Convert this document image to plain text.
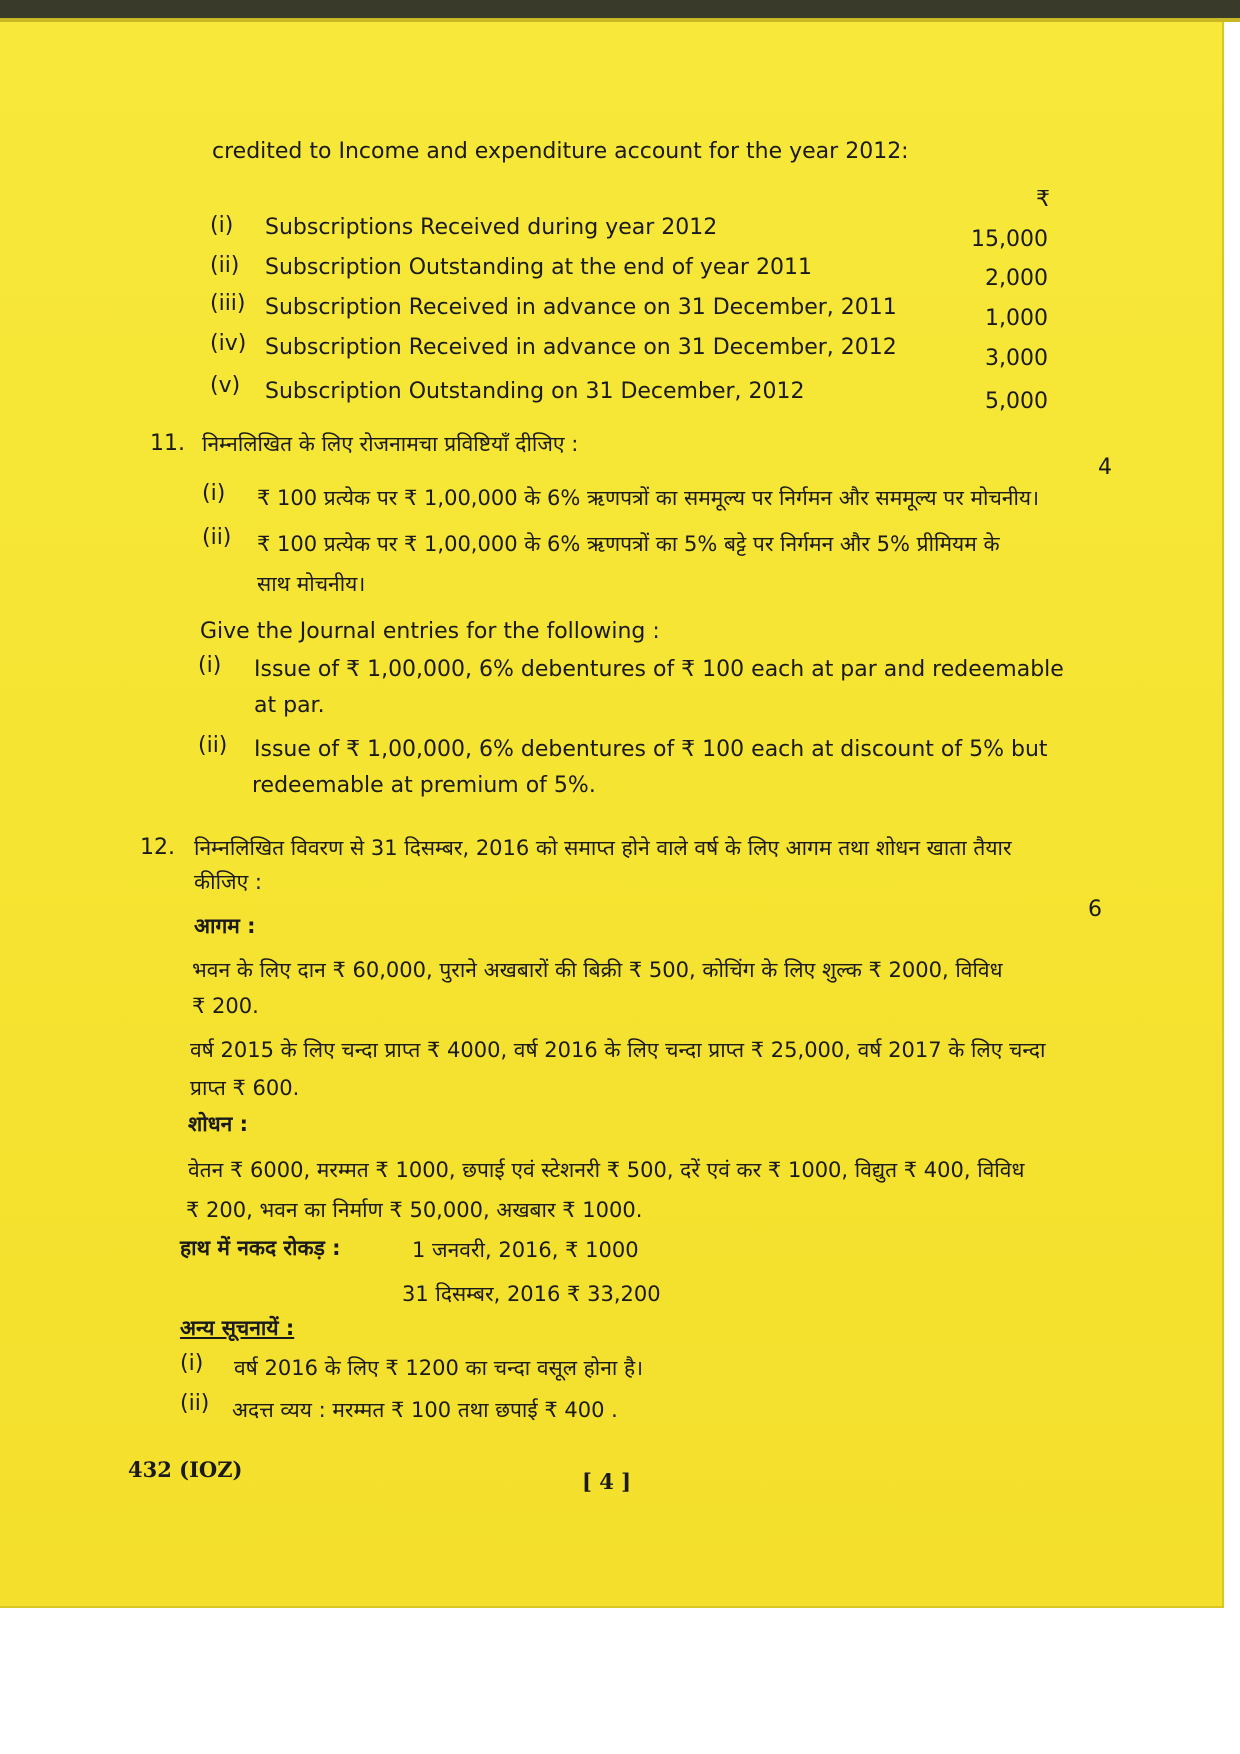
credited to Income and expenditure account for the year 2012:
₹
(i) Subscriptions Received during year 2012	15,000
(ii) Subscription Outstanding at the end of year 2011	2,000
(iii) Subscription Received in advance on 31 December, 2011	1,000
(iv) Subscription Received in advance on 31 December, 2012	3,000
(v) Subscription Outstanding on 31 December, 2012	5,000
11. निम्नलिखित के लिए रोजनामचा प्रविष्टियाँ दीजिए :
4
(i) ₹ 100 प्रत्येक पर ₹ 1,00,000 के 6% ऋणपत्रों का सममूल्य पर निर्गमन और सममूल्य पर मोचनीय।
(ii) ₹ 100 प्रत्येक पर ₹ 1,00,000 के 6% ऋणपत्रों का 5% बट्टे पर निर्गमन और 5% प्रीमियम के
साथ मोचनीय।
Give the Journal entries for the following :
(i) Issue of ₹ 1,00,000, 6% debentures of ₹ 100 each at par and redeemable
at par.
(ii) Issue of ₹ 1,00,000, 6% debentures of ₹ 100 each at discount of 5% but
redeemable at premium of 5%.
12. निम्नलिखित विवरण से 31 दिसम्बर, 2016 को समाप्त होने वाले वर्ष के लिए आगम तथा शोधन खाता तैयार
कीजिए :
6
आगम :
भवन के लिए दान ₹ 60,000, पुराने अखबारों की बिक्री ₹ 500, कोचिंग के लिए शुल्क ₹ 2000, विविध
₹ 200.
वर्ष 2015 के लिए चन्दा प्राप्त ₹ 4000, वर्ष 2016 के लिए चन्दा प्राप्त ₹ 25,000, वर्ष 2017 के लिए चन्दा
प्राप्त ₹ 600.
शोधन :
वेतन ₹ 6000, मरम्मत ₹ 1000, छपाई एवं स्टेशनरी ₹ 500, दरें एवं कर ₹ 1000, विद्युत ₹ 400, विविध
₹ 200, भवन का निर्माण ₹ 50,000, अखबार ₹ 1000.
हाथ में नकद रोकड़ :	1 जनवरी, 2016, ₹ 1000
31 दिसम्बर, 2016 ₹ 33,200
अन्य सूचनायें :
(i) वर्ष 2016 के लिए ₹ 1200 का चन्दा वसूल होना है।
(ii) अदत्त व्यय : मरम्मत ₹ 100 तथा छपाई ₹ 400 .
432 (IOZ)	[ 4 ]
